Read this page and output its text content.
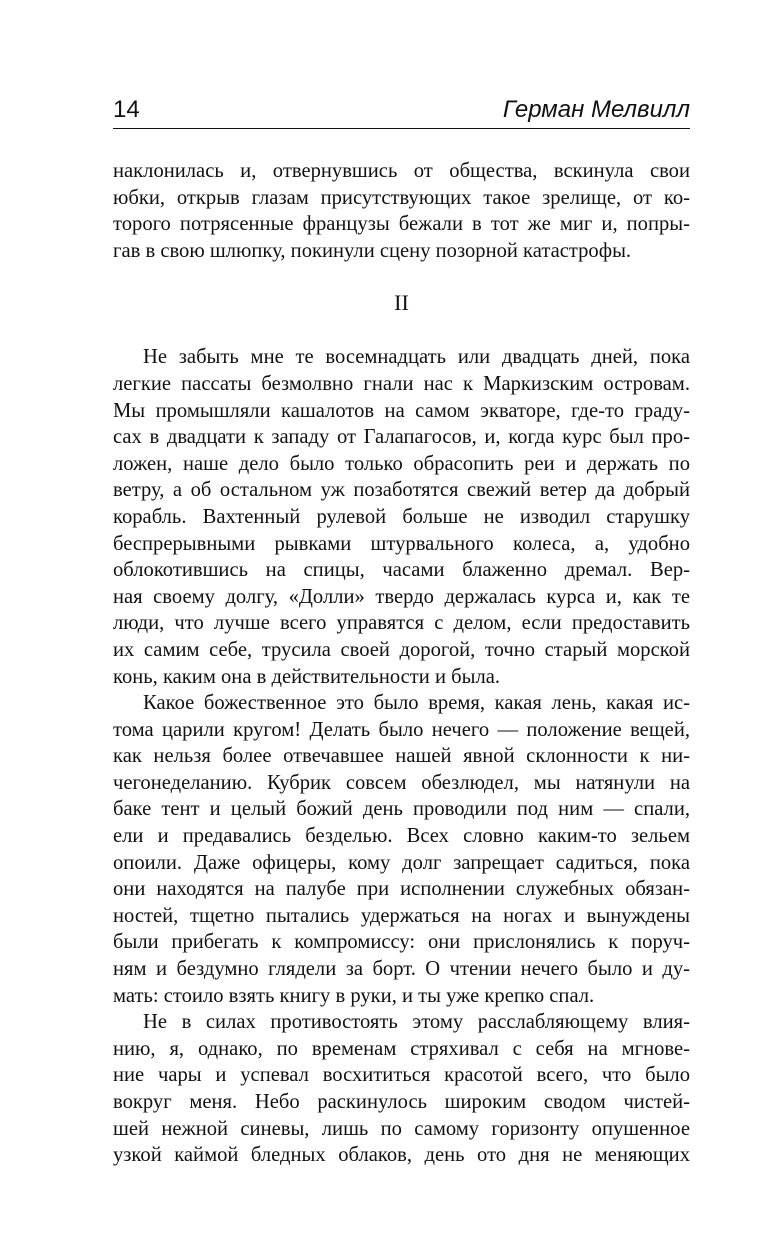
14	Герман Мелвилл

наклонилась и, отвернувшись от общества, вскинула свои
юбки, открыв глазам присутствующих такое зрелище, от ко-
торого потрясенные французы бежали в тот же миг и, попры-
гав в свою шлюпку, покинули сцену позорной катастрофы.

II

Не забыть мне те восемнадцать или двадцать дней, пока
легкие пассаты безмолвно гнали нас к Маркизским островам.
Мы промышляли кашалотов на самом экваторе, где-то граду-
сах в двадцати к западу от Галапагосов, и, когда курс был про-
ложен, наше дело было только обрасопить реи и держать по
ветру, а об остальном уж позаботятся свежий ветер да добрый
корабль. Вахтенный рулевой больше не изводил старушку
беспрерывными рывками штурвального колеса, а, удобно
облокотившись на спицы, часами блаженно дремал. Вер-
ная своему долгу, «Долли» твердо держалась курса и, как те
люди, что лучше всего управятся с делом, если предоставить
их самим себе, трусила своей дорогой, точно старый морской
конь, каким она в действительности и была.

Какое божественное это было время, какая лень, какая ис-
тома царили кругом! Делать было нечего — положение вещей,
как нельзя более отвечавшее нашей явной склонности к ни-
чегонеделанию. Кубрик совсем обезлюдел, мы натянули на
баке тент и целый божий день проводили под ним — спали,
ели и предавались безделью. Всех словно каким-то зельем
опоили. Даже офицеры, кому долг запрещает садиться, пока
они находятся на палубе при исполнении служебных обязан-
ностей, тщетно пытались удержаться на ногах и вынуждены
были прибегать к компромиссу: они прислонялись к поруч-
ням и бездумно глядели за борт. О чтении нечего было и ду-
мать: стоило взять книгу в руки, и ты уже крепко спал.

Не в силах противостоять этому расслабляющему влия-
нию, я, однако, по временам стряхивал с себя на мгнове-
ние чары и успевал восхититься красотой всего, что было
вокруг меня. Небо раскинулось широким сводом чистей-
шей нежной синевы, лишь по самому горизонту опушенное
узкой каймой бледных облаков, день ото дня не меняющих
